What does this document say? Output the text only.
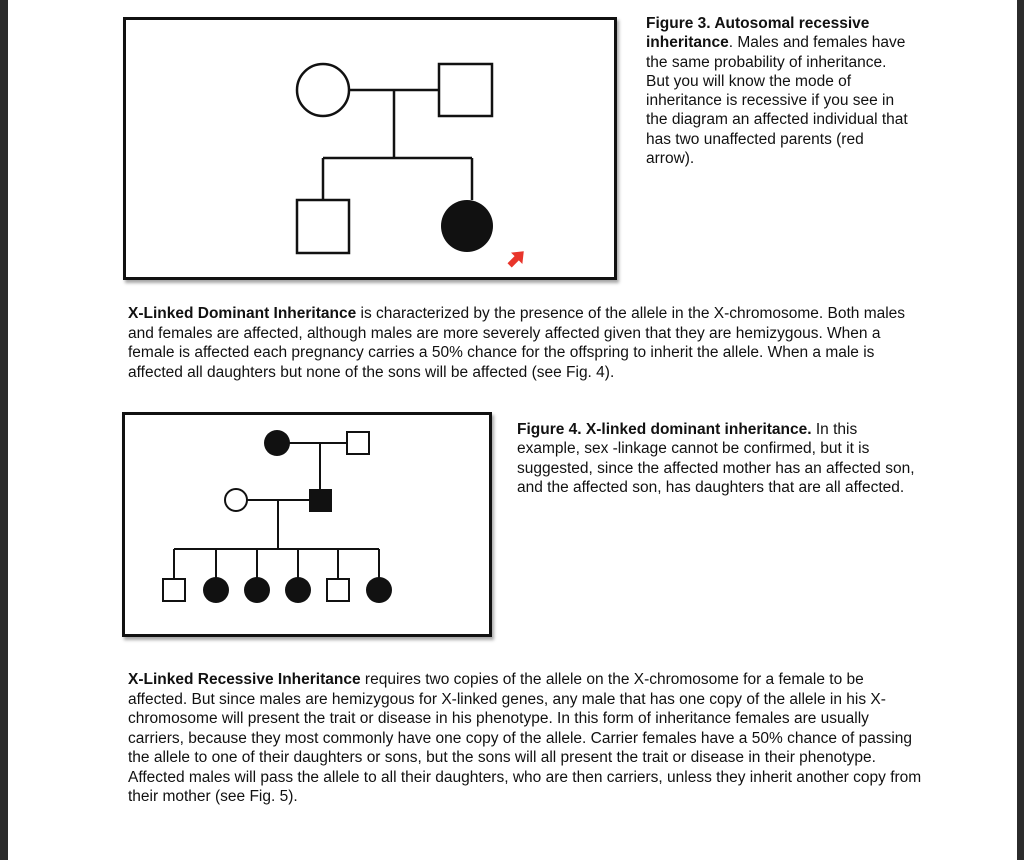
Figure 3. Autosomal recessive inheritance. Males and females have the same probability of inheritance. But you will know the mode of inheritance is recessive if you see in the diagram an affected individual that has two unaffected parents (red arrow).

X-Linked Dominant Inheritance is characterized by the presence of the allele in the X-chromosome. Both males and females are affected, although males are more severely affected given that they are hemizygous. When a female is affected each pregnancy carries a 50% chance for the offspring to inherit the allele. When a male is affected all daughters but none of the sons will be affected (see Fig. 4).

Figure 4. X-linked dominant inheritance. In this example, sex -linkage cannot be confirmed, but it is suggested, since the affected mother has an affected son, and the affected son, has daughters that are all affected.

X-Linked Recessive Inheritance requires two copies of the allele on the X-chromosome for a female to be affected. But since males are hemizygous for X-linked genes, any male that has one copy of the allele in his X-chromosome will present the trait or disease in his phenotype. In this form of inheritance females are usually carriers, because they most commonly have one copy of the allele. Carrier females have a 50% chance of passing the allele to one of their daughters or sons, but the sons will all present the trait or disease in their phenotype. Affected males will pass the allele to all their daughters, who are then carriers, unless they inherit another copy from their mother (see Fig. 5).
